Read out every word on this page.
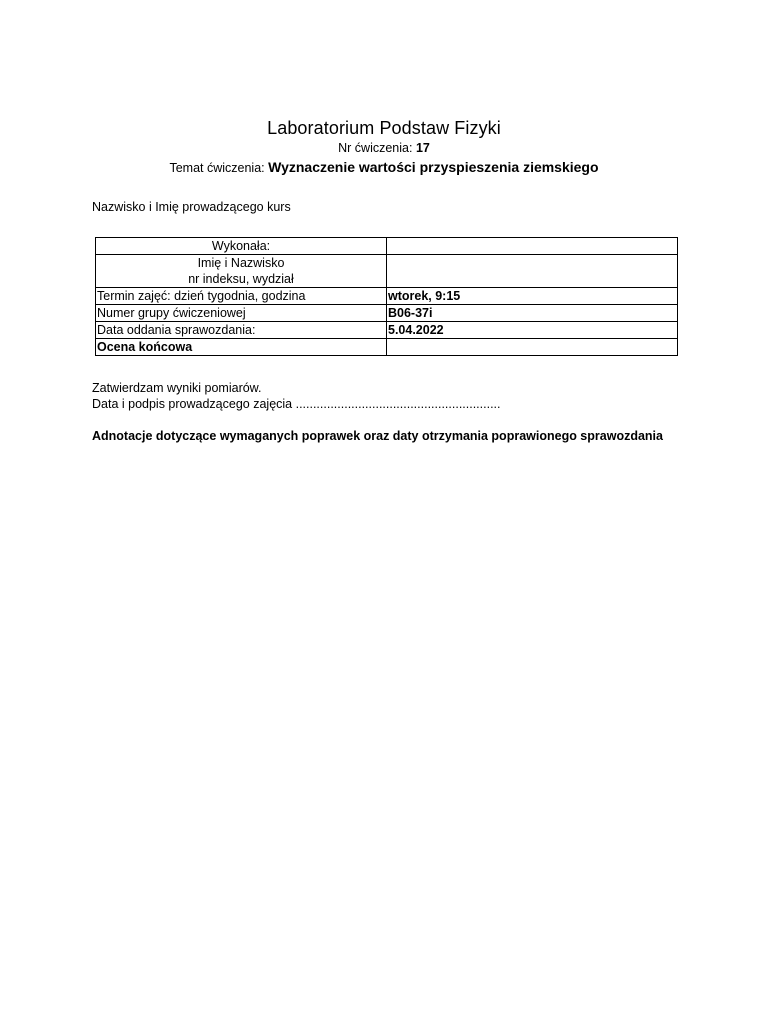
Laboratorium Podstaw Fizyki
Nr ćwiczenia: 17
Temat ćwiczenia: Wyznaczenie wartości przyspieszenia ziemskiego
Nazwisko i Imię prowadzącego kurs
Wykonała:	

Imię i Nazwisko
nr indeksu, wydział	

Termin zajęć: dzień tygodnia, godzina	wtorek, 9:15
Numer grupy ćwiczeniowej	B06-37i
Data oddania sprawozdania:	5.04.2022
Ocena końcowa	
Zatwierdzam wyniki pomiarów.
Data i podpis prowadzącego zajęcia ...........................................................
Adnotacje dotyczące wymaganych poprawek oraz daty otrzymania poprawionego sprawozdania
